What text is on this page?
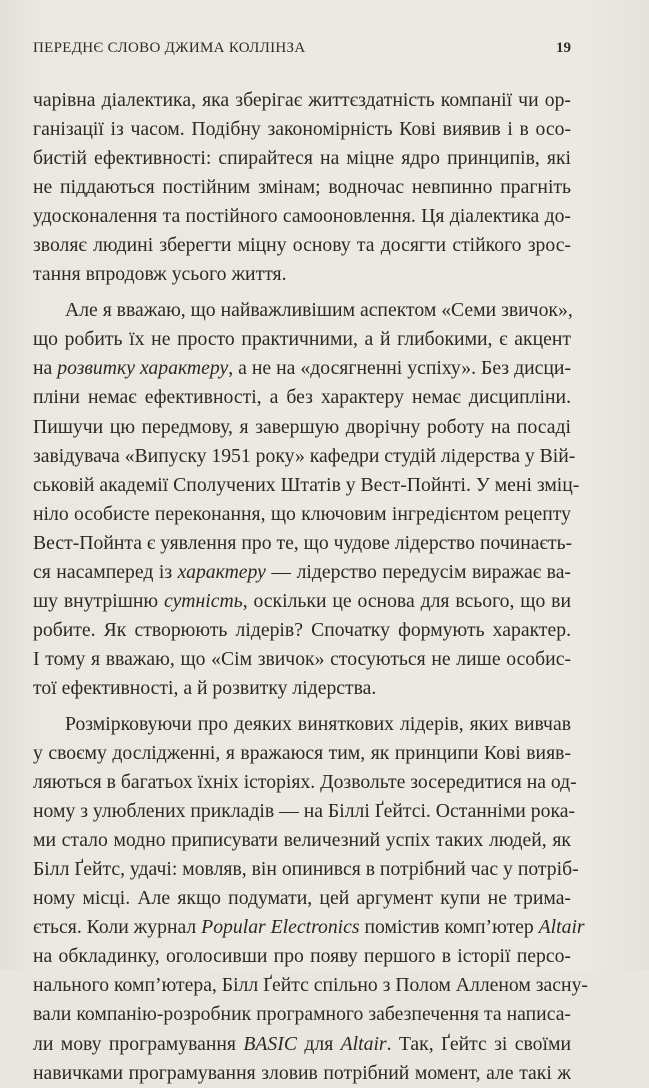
ПЕРЕДНЄ СЛОВО ДЖИМА КОЛЛІНЗА	19

чарівна діалектика, яка зберігає життєздатність компанії чи ор-
ганізації із часом. Подібну закономірність Кові виявив і в осо-
бистій ефективності: спирайтеся на міцне ядро принципів, які
не піддаються постійним змінам; водночас невпинно прагніть
удосконалення та постійного самооновлення. Ця діалектика до-
зволяє людині зберегти міцну основу та досягти стійкого зрос-
тання впродовж усього життя.

Але я вважаю, що найважливішим аспектом «Семи звичок»,
що робить їх не просто практичними, а й глибокими, є акцент
на розвитку характеру, а не на «досягненні успіху». Без дисци-
пліни немає ефективності, а без характеру немає дисципліни.
Пишучи цю передмову, я завершую дворічну роботу на посаді
завідувача «Випуску 1951 року» кафедри студій лідерства у Вій-
ськовій академії Сполучених Штатів у Вест-Пойнті. У мені зміц-
ніло особисте переконання, що ключовим інгредієнтом рецепту
Вест-Пойнта є уявлення про те, що чудове лідерство починаєть-
ся насамперед із характеру — лідерство передусім виражає ва-
шу внутрішню сутність, оскільки це основа для всього, що ви
робите. Як створюють лідерів? Спочатку формують характер.
І тому я вважаю, що «Сім звичок» стосуються не лише особис-
тої ефективності, а й розвитку лідерства.

Розмірковуючи про деяких виняткових лідерів, яких вивчав
у своєму дослідженні, я вражаюся тим, як принципи Кові вияв-
ляються в багатьох їхніх історіях. Дозвольте зосередитися на од-
ному з улюблених прикладів — на Біллі Ґейтсі. Останніми рока-
ми стало модно приписувати величезний успіх таких людей, як
Білл Ґейтс, удачі: мовляв, він опинився в потрібний час у потріб-
ному місці. Але якщо подумати, цей аргумент купи не трима-
ється. Коли журнал Popular Electronics помістив комп’ютер Altair
на обкладинку, оголосивши про появу першого в історії персо-
нального комп’ютера, Білл Ґейтс спільно з Полом Алленом засну-
вали компанію-розробник програмного забезпечення та написа-
ли мову програмування BASIC для Altair. Так, Ґейтс зі своїми
навичками програмування зловив потрібний момент, але такі ж
